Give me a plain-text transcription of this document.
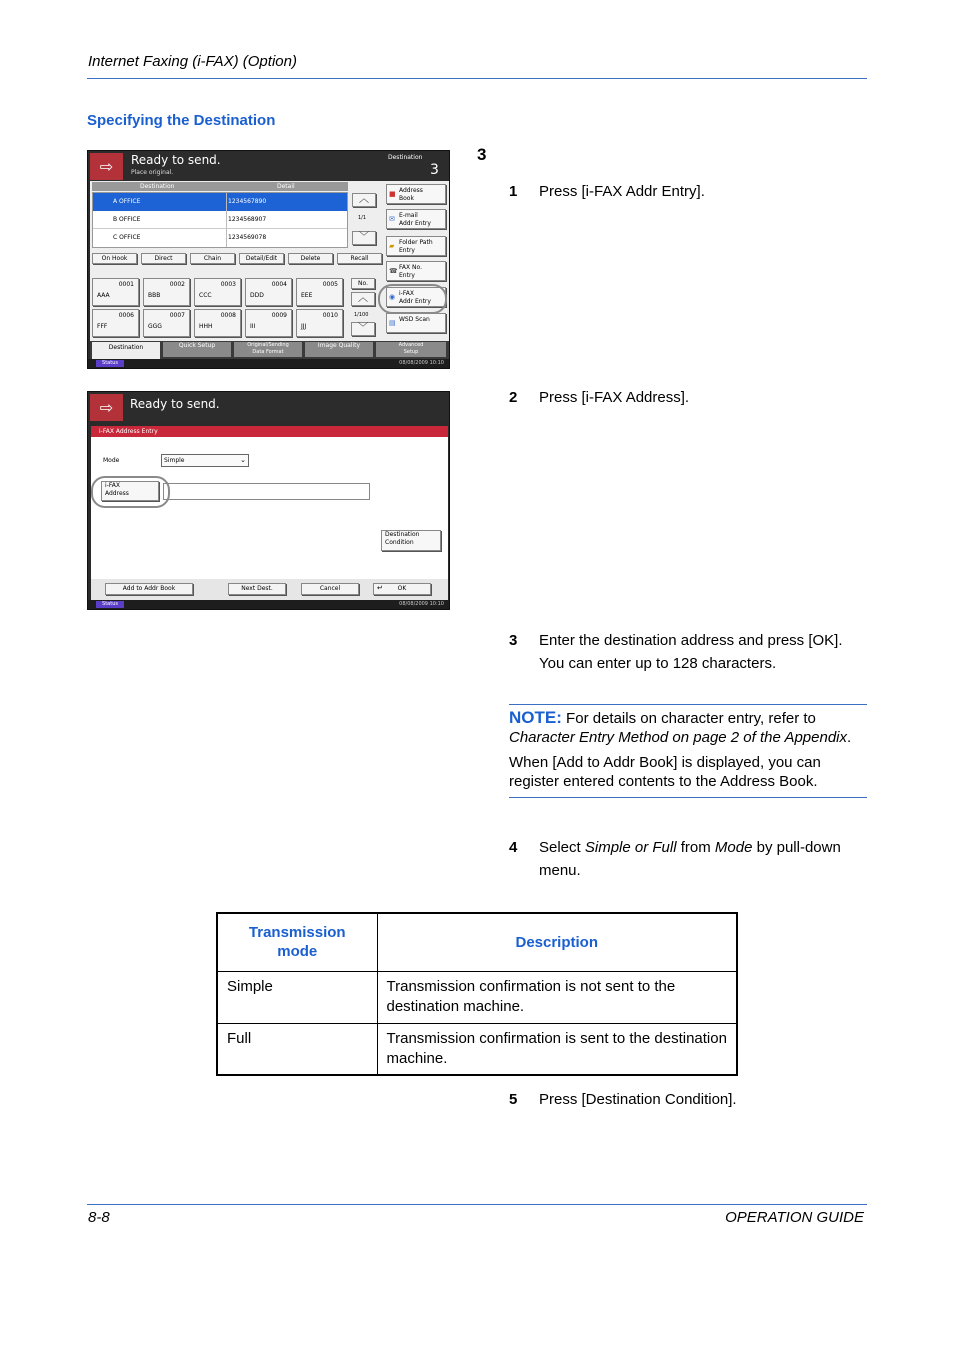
Internet Faxing (i-FAX) (Option)
Specifying the Destination
3
⇨	Ready to send.
Place original.
Destination
3
Destination	Detail
A OFFICE	1234567890
B OFFICE	1234568907
C OFFICE	1234569078
︿
1/1
﹀
■ Address
Book
✉ E-mail
Addr Entry
▰ Folder Path
Entry
☎ FAX No.
Entry
◉ i-FAX
Addr Entry
▤ WSD Scan
On Hook	Direct	Chain	Detail/Edit	Delete	Recall
0001
AAA
0002
BBB
0003
CCC
0004
DDD
0005
EEE
0006
FFF
0007
GGG
0008
HHH
0009
III
0010
JJJ
No.
︿
1/100
﹀
Destination	Quick Setup	Original/Sending
Data Format
Image Quality	Advanced
Setup
Status	08/08/2009 10:10
⇨	Ready to send.
i-FAX Address Entry
Mode	Simple	⌄
i-FAX
Address
Destination
Condition
Add to Addr Book	Next Dest.	Cancel	↵ OK
Status	08/08/2009 10:10
1 Press [i-FAX Addr Entry].
2 Press [i-FAX Address].
3 Enter the destination address and press [OK].
You can enter up to 128 characters.

NOTE: For details on character entry, refer to
Character Entry Method on page 2 of the Appendix.

When [Add to Addr Book] is displayed, you can register entered contents to the Address Book.

4 Select Simple or Full from Mode by pull-down
menu.
Transmission
mode	Description
Simple	Transmission confirmation is not sent to the destination machine.
Full	Transmission confirmation is sent to the destination machine.
5 Press [Destination Condition].
8-8	OPERATION GUIDE
